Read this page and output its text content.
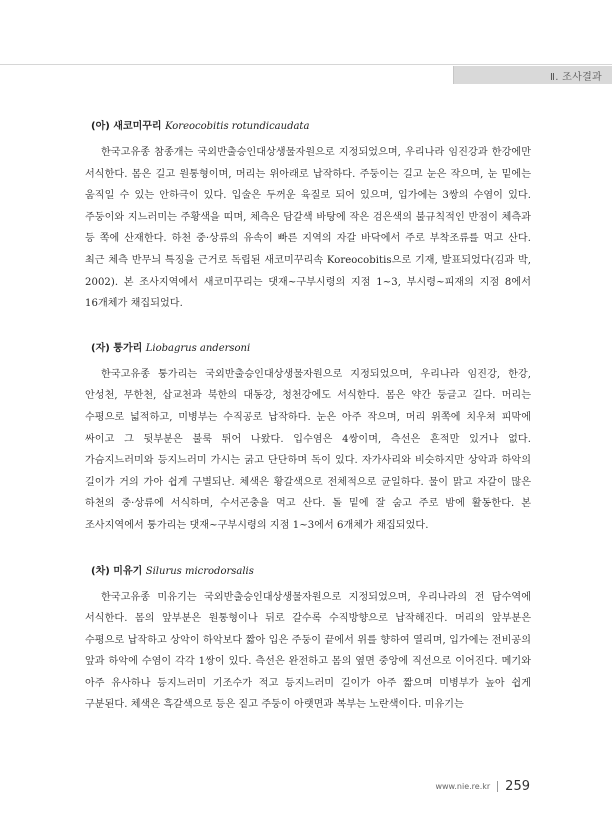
Ⅱ. 조사결과
(아) 새코미꾸리 Koreocobitis rotundicaudata

한국고유종 참종개는 국외반출승인대상생물자원으로 지정되었으며, 우리나라 임진강과 한강에만 서식한다. 몸은 길고 원통형이며, 머리는 위아래로 납작하다. 주둥이는 길고 눈은 작으며, 눈 밑에는 움직일 수 있는 안하극이 있다. 입술은 두꺼운 육질로 되어 있으며, 입가에는 3쌍의 수염이 있다. 주둥이와 지느러미는 주황색을 띠며, 체측은 담갈색 바탕에 작은 검은색의 불규칙적인 반점이 체측과 등 쪽에 산재한다. 하천 중·상류의 유속이 빠른 지역의 자갈 바닥에서 주로 부착조류를 먹고 산다. 최근 체측 반무늬 특징을 근거로 독립된 새코미꾸리속 Koreocobitis으로 기재, 발표되었다(김과 박, 2002). 본 조사지역에서 새코미꾸리는 댓재~구부시령의 지점 1~3, 부시령~피재의 지점 8에서 16개체가 채집되었다.

(자) 퉁가리 Liobagrus andersoni

한국고유종 퉁가리는 국외반출승인대상생물자원으로 지정되었으며, 우리나라 임진강, 한강, 안성천, 무한천, 삽교천과 북한의 대동강, 청천강에도 서식한다. 몸은 약간 둥글고 길다. 머리는 수평으로 넓적하고, 미병부는 수직공로 납작하다. 눈은 아주 작으며, 머리 위쪽에 치우쳐 피막에 싸이고 그 뒷부분은 불룩 튀어 나왔다. 입수염은 4쌍이며, 측선은 흔적만 있거나 없다. 가슴지느러미와 등지느러미 가시는 굵고 단단하며 독이 있다. 자가사리와 비슷하지만 상악과 하악의 길이가 거의 가아 쉽게 구별되난. 체색은 황갈색으로 전체적으로 균일하다. 물이 맑고 자갈이 많은 하천의 중·상류에 서식하며, 수서곤충을 먹고 산다. 돌 밑에 잘 숨고 주로 밤에 활동한다. 본 조사지역에서 퉁가리는 댓재~구부시령의 지점 1~3에서 6개체가 채집되었다.

(차) 미유기 Silurus microdorsalis

한국고유종 미유기는 국외반출승인대상생물자원으로 지정되었으며, 우리나라의 전 담수역에 서식한다. 몸의 앞부분은 원통형이나 뒤로 갈수록 수직방향으로 납작해진다. 머리의 앞부분은 수평으로 납작하고 상악이 하악보다 짧아 입은 주둥이 끝에서 위를 향하여 열리며, 입가에는 전비공의 앞과 하악에 수염이 각각 1쌍이 있다. 측선은 완전하고 몸의 옆면 중앙에 직선으로 이어진다. 메기와 아주 유사하나 등지느러미 기조수가 적고 등지느러미 길이가 아주 짧으며 미병부가 높아 쉽게 구분된다. 체색은 흑갈색으로 등은 짙고 주둥이 아랫면과 복부는 노란색이다. 미유기는

www.nie.re.kr 259
